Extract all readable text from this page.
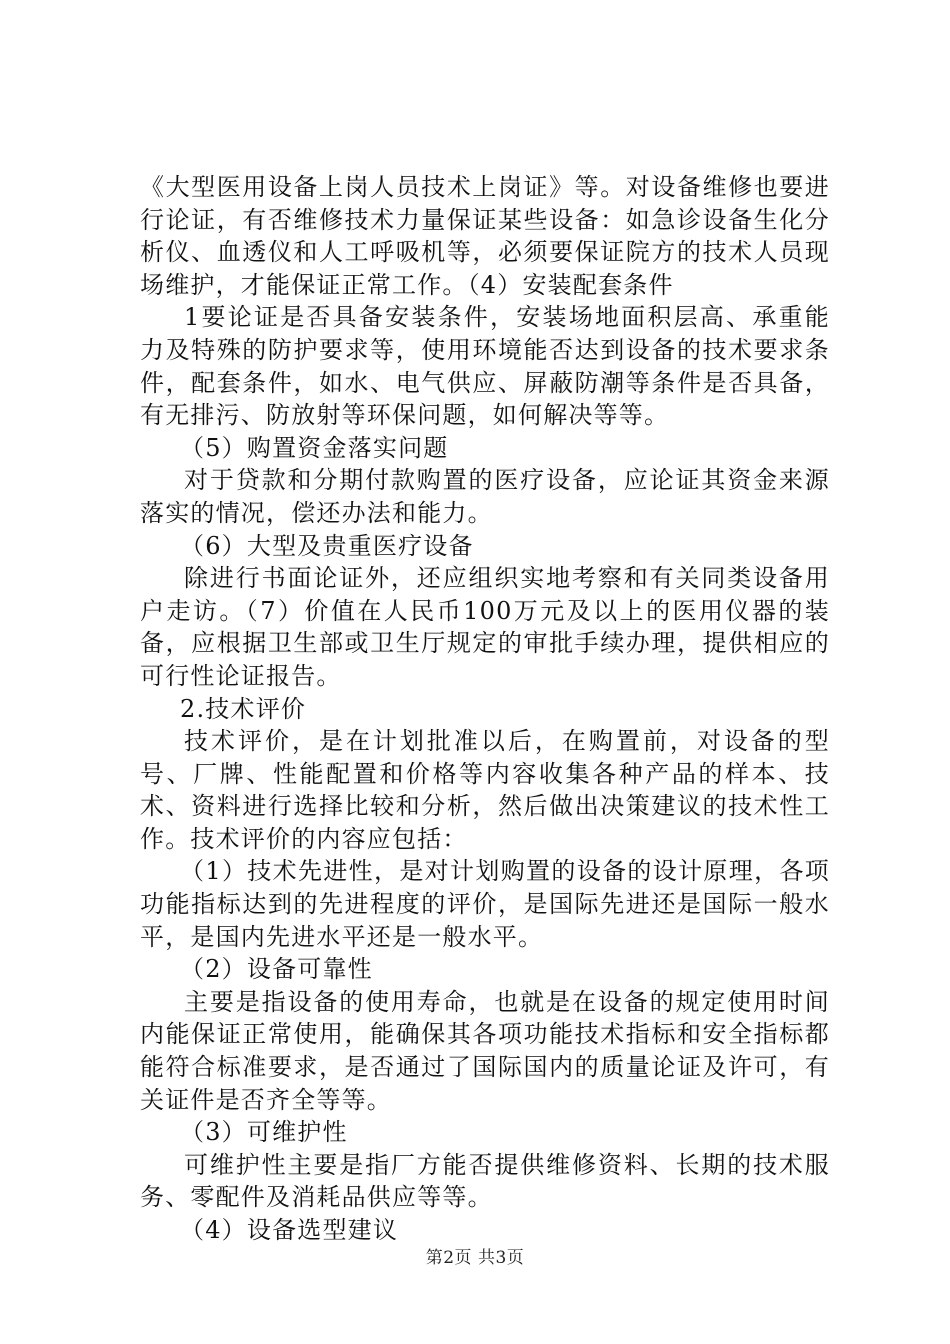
《大型医用设备上岗人员技术上岗证》等。对设备维修也要进行论证，有否维修技术力量保证某些设备：如急诊设备生化分析仪、血透仪和人工呼吸机等，必须要保证院方的技术人员现场维护，才能保证正常工作。（4）安装配套条件

1要论证是否具备安装条件，安装场地面积层高、承重能力及特殊的防护要求等，使用环境能否达到设备的技术要求条件，配套条件，如水、电气供应、屏蔽防潮等条件是否具备，有无排污、防放射等环保问题，如何解决等等。

（5）购置资金落实问题

对于贷款和分期付款购置的医疗设备，应论证其资金来源落实的情况，偿还办法和能力。

（6）大型及贵重医疗设备

除进行书面论证外，还应组织实地考察和有关同类设备用户走访。（7）价值在人民币100万元及以上的医用仪器的装备，应根据卫生部或卫生厅规定的审批手续办理，提供相应的可行性论证报告。

2.技术评价

技术评价，是在计划批准以后，在购置前，对设备的型号、厂牌、性能配置和价格等内容收集各种产品的样本、技术、资料进行选择比较和分析，然后做出决策建议的技术性工作。技术评价的内容应包括：

（1）技术先进性，是对计划购置的设备的设计原理，各项功能指标达到的先进程度的评价，是国际先进还是国际一般水平，是国内先进水平还是一般水平。

（2）设备可靠性

主要是指设备的使用寿命，也就是在设备的规定使用时间内能保证正常使用，能确保其各项功能技术指标和安全指标都能符合标准要求，是否通过了国际国内的质量论证及许可，有关证件是否齐全等等。

（3）可维护性

可维护性主要是指厂方能否提供维修资料、长期的技术服务、零配件及消耗品供应等等。

（4）设备选型建议

第2页 共3页
